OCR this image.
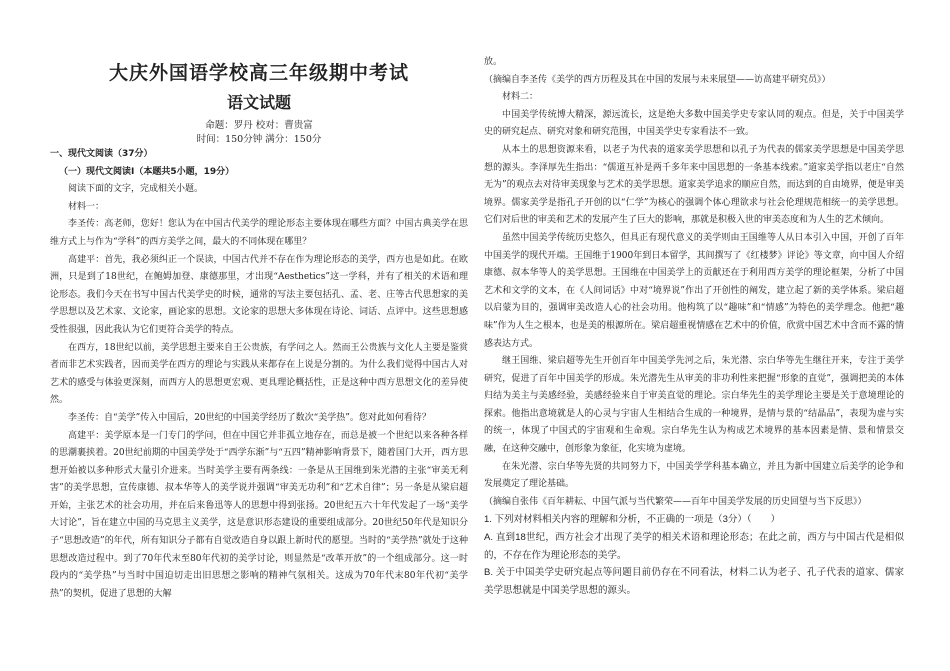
大庆外国语学校高三年级期中考试
语文试题
命题：罗丹 校对：曹贵富
时间：150分钟 满分：150分

一、现代文阅读（37分）

（一）现代文阅读Ⅰ（本题共5小题，19分）

阅读下面的文字，完成相关小题。

材料一：

李圣传：高老师，您好！您认为在中国古代美学的理论形态主要体现在哪些方面？中国古典美学在思维方式上与作为“学科”的西方美学之间，最大的不同体现在哪里？

高建平：首先，我必须纠正一个误读，中国古代并不存在作为理论形态的美学，西方也是如此。在欧洲，只是到了18世纪，在鲍姆加登、康德那里，才出现“Aesthetics”这一学科，并有了相关的术语和理论形态。我们今天在书写中国古代美学史的时候，通常的写法主要包括孔、孟、老、庄等古代思想家的美学思想以及艺术家、文论家，画论家的思想。文论家的思想大多体现在诗论、词话、点评中。这些思想感受性很强，因此我认为它们更符合美学的特点。

在西方，18世纪以前，美学思想主要来自王公贵族，有学问之人。然而王公贵族与文化人主要是鉴赏者而非艺术实践者，因而美学在西方的理论与实践从来都存在上说是分割的。为什么我们觉得中国古人对艺术的感受与体验更深刻，而西方人的思想更宏观、更具理论概括性，正是这种中西方思想文化的差异使然。

李圣传：自“美学”传入中国后，20世纪的中国美学经历了数次“美学热”。您对此如何看待？

高建平：美学原本是一门专门的学问，但在中国它并非孤立地存在，而总是被一个世纪以来各种各样的思潮裹挟着。20世纪前期的中国美学处于“西学东渐”与“五四”精神影响背景下，随着国门大开，西方思想开始被以多种形式大量引介进来。当时美学主要有两条线：一条是从王国维到朱光潜的主张“审美无利害”的美学思想，宣传康德、叔本华等人的美学说并强调“审美无功利”和“艺术自律”；另一条是从梁启超开始，主张艺术的社会功用，并在后来鲁迅等人的思想中得到张扬。20世纪五六十年代发起了一场“美学大讨论”，旨在建立中国的马克思主义美学，这是意识形态建设的重要组成部分。20世纪50年代是知识分子“思想改造”的年代，所有知识分子都有自觉改造自身以跟上新时代的愿望。当时的“美学热”就处于这种思想改造过程中。到了70年代末至80年代初的美学讨论，则显然是“改革开放”的一个组成部分。这一时段内的“美学热”与当时中国迫切走出旧思想之影响的精神气氛相关。这成为70年代末80年代初“美学热”的契机，促进了思想的大解

放。

（摘编自李圣传《美学的西方历程及其在中国的发展与未来展望——访高建平研究员》）

材料二：

中国美学传统博大精深，源远流长，这是绝大多数中国美学史专家认同的观点。但是，关于中国美学史的研究起点、研究对象和研究范围，中国美学史专家看法不一致。

从本土的思想资源来看，以老子为代表的道家美学思想和以孔子为代表的儒家美学思想是中国美学思想的源头。李泽厚先生指出：“儒道互补是两千多年来中国思想的一条基本线索。”道家美学指以老庄“自然无为”的观点去对待审美现象与艺术的美学思想。道家美学追求的顺应自然，而达到的自由境界，便是审美境界。儒家美学是指孔子开创的以“仁学”为核心的强调个体心理欲求与社会伦理规范相统一的美学思想。它们对后世的审美和艺术的发展产生了巨大的影响，那就是积极入世的审美态度和为人生的艺术倾向。

虽然中国美学传统历史悠久，但具正有现代意义的美学则由王国维等人从日本引入中国，开创了百年中国美学的现代开端。王国维于1900年到日本留学，其间撰写了《红楼梦》评论》等文章，向中国人介绍康德、叔本华等人的美学思想。王国维在中国美学上的贡献还在于利用西方美学的理论框架，分析了中国艺术和文学的文本，在《人间词话》中对“境界说”作出了开创性的阐发，建立起了新的美学体系。梁启超以启蒙为目的，强调审美改造人心的社会功用。他构筑了以“趣味”和“情感”为特色的美学理念。他把“趣味”作为人生之根本，也是美的根源所在。梁启超重视情感在艺术中的价值，欣赏中国艺术中含而不露的情感表达方式。

继王国维、梁启超等先生开创百年中国美学先河之后，朱光潜、宗白华等先生继往开来，专注于美学研究，促进了百年中国美学的形成。朱光潜先生从审美的非功利性来把握“形象的直觉”，强调把美的本体归结为美主与美感经验，美感经验来自于审美直觉的理论。宗白华先生的美学理论主要是关于意境理论的探索。他指出意境就是人的心灵与宇宙人生相结合生成的一种境界，是情与景的“结晶品”，表现为虚与实的统一，体现了中国式的宇宙观和生命观。宗白华先生认为构成艺术境界的基本因素是情、景和情景交融，在这种交融中，创形象为象征，化实境为虚境。

在朱光潜、宗白华等先贤的共同努力下，中国美学学科基本确立，并且为新中国建立后美学的论争和发展奠定了理论基础。

（摘编自张伟《百年耕耘、中国气派与当代繁荣——百年中国美学发展的历史回望与当下反思》）

1. 下列对材料相关内容的理解和分析，不正确的一项是（3分）（　　）

A. 直到18世纪，西方社会才出现了美学的相关术语和理论形态；在此之前，西方与中国古代是相似的，不存在作为理论形态的美学。

B. 关于中国美学史研究起点等问题目前仍存在不同看法，材料二认为老子、孔子代表的道家、儒家美学思想就是中国美学思想的源头。
